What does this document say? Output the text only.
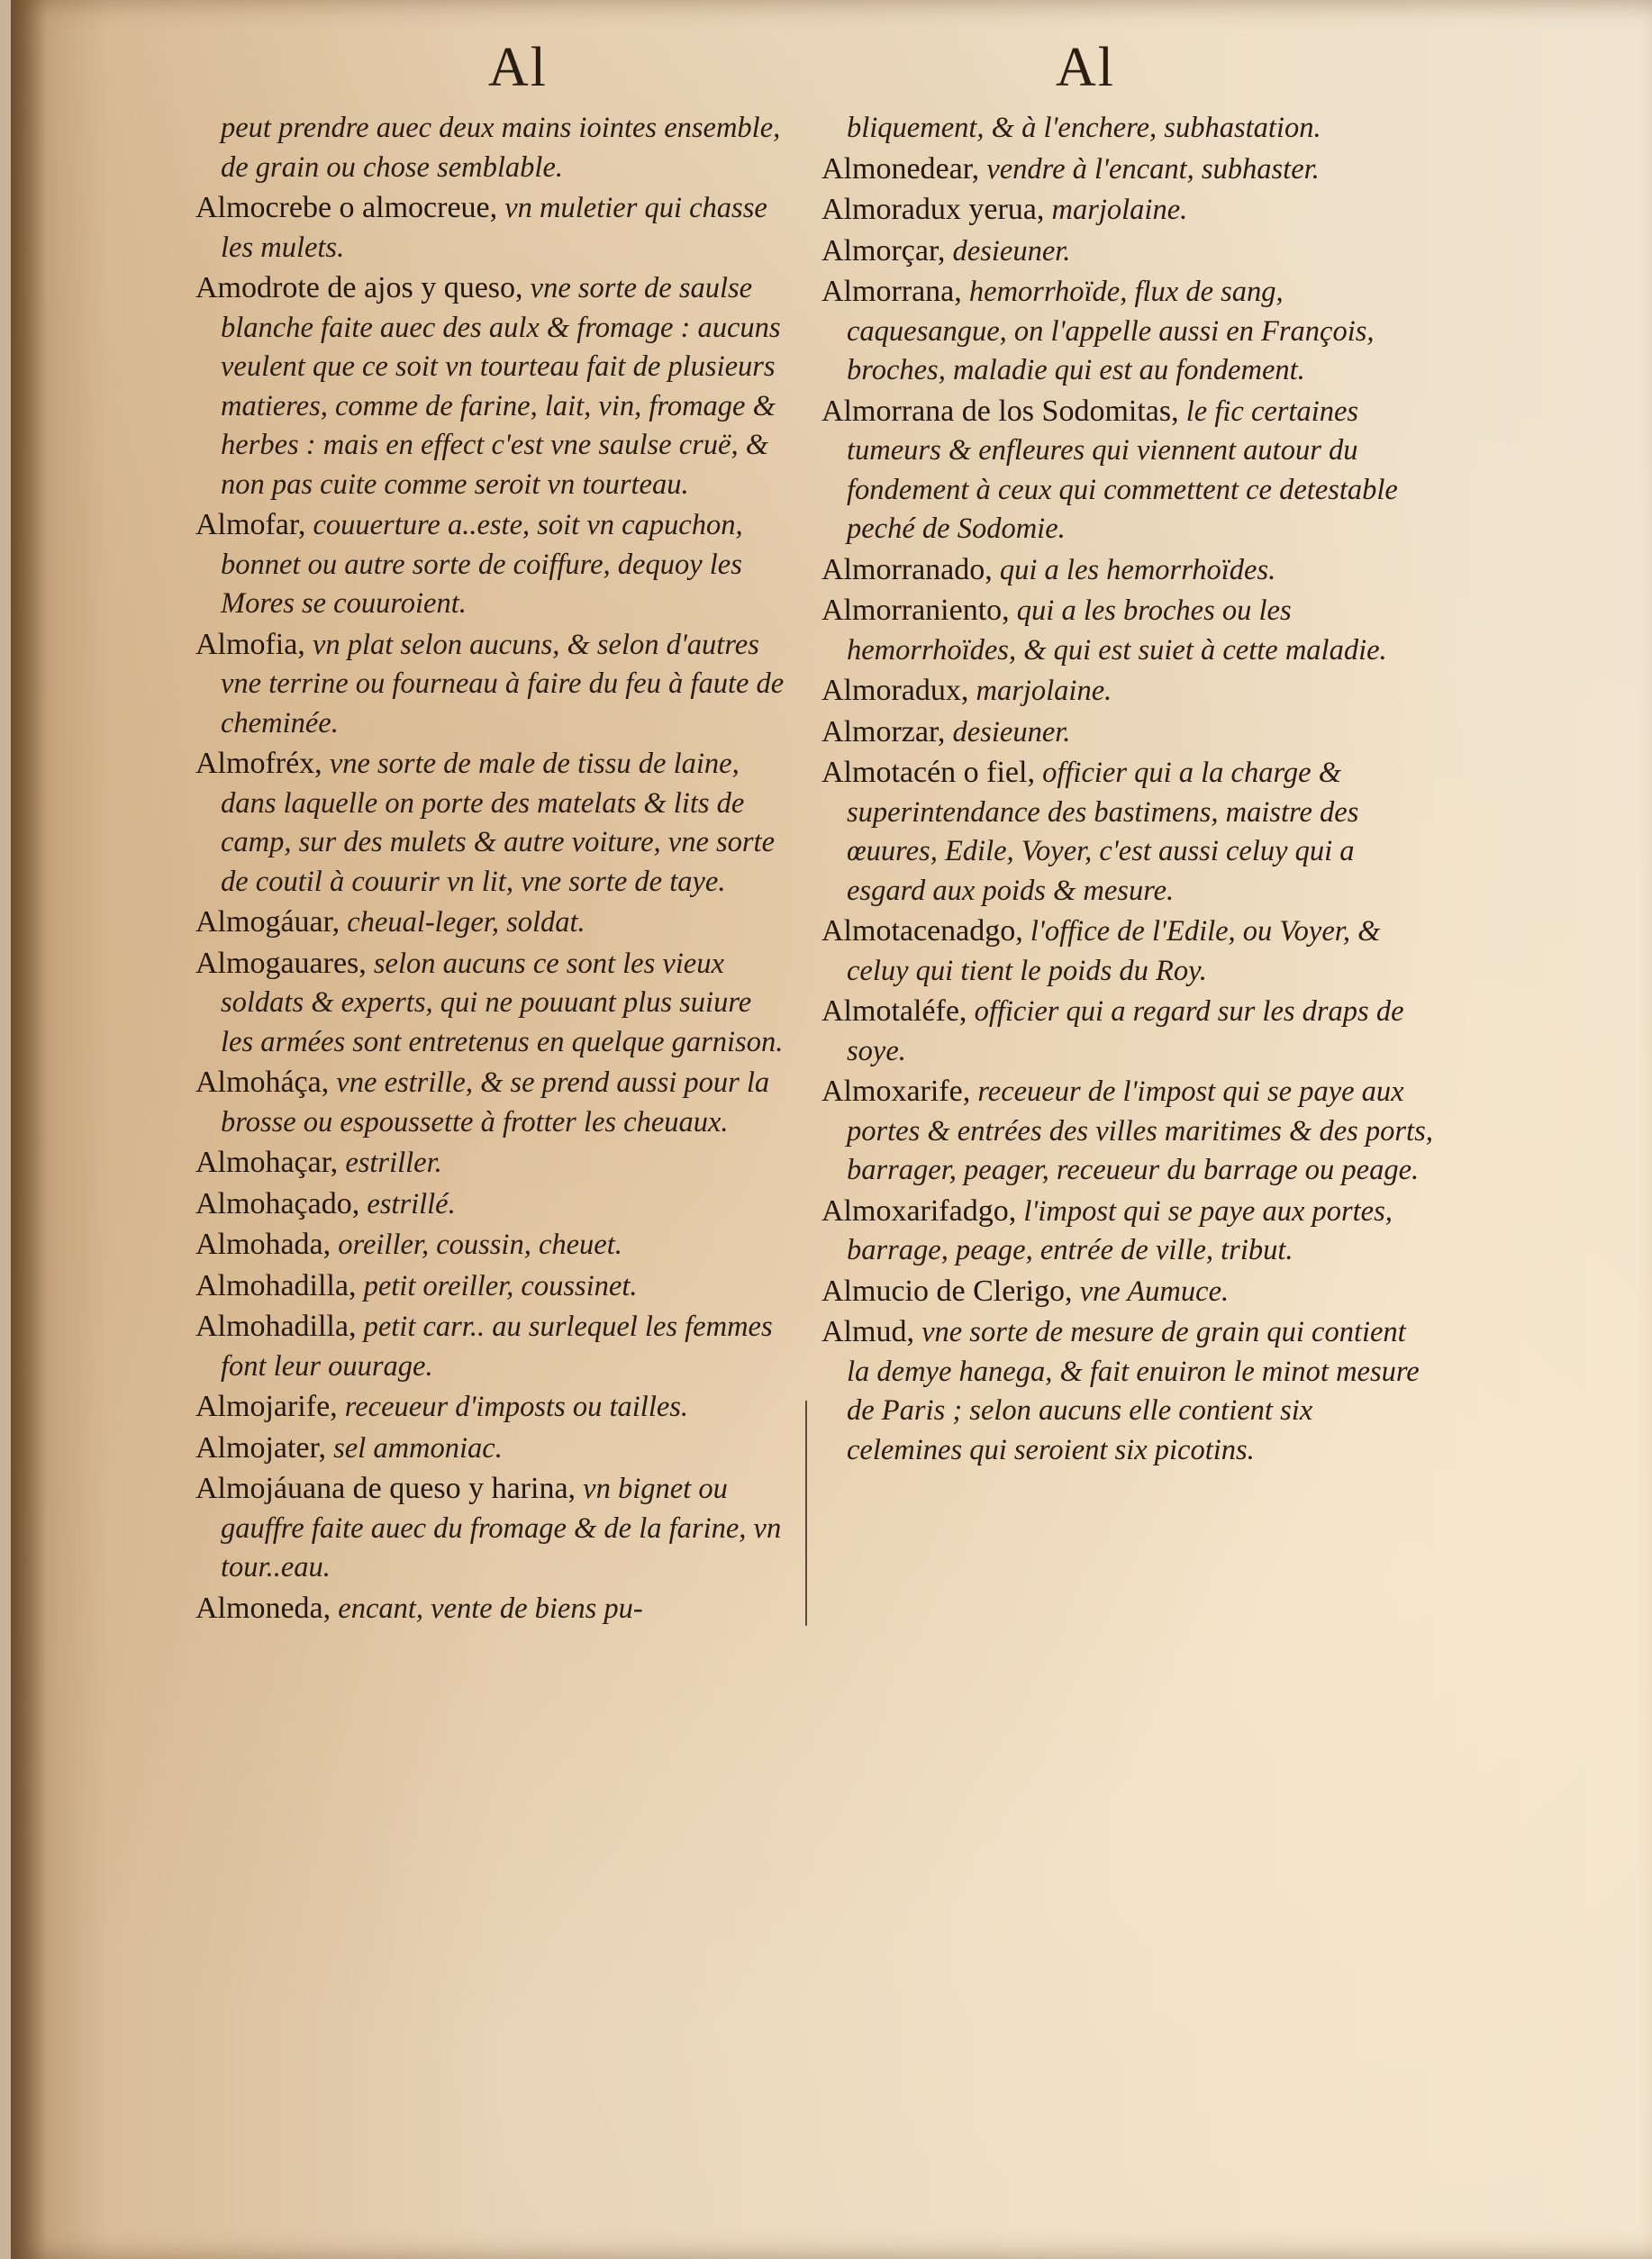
Al	Al

peut prendre auec deux mains iointes ensemble, de grain ou chose semblable.

Almocrebe o almocreue, vn muletier qui chasse les mulets.

Amodrote de ajos y queso, vne sorte de saulse blanche faite auec des aulx & fromage : aucuns veulent que ce soit vn tourteau fait de plusieurs matieres, comme de farine, lait, vin, fromage & herbes : mais en effect c'est vne saulse cruë, & non pas cuite comme seroit vn tourteau.

Almofar, couuerture a..este, soit vn capuchon, bonnet ou autre sorte de coiffure, dequoy les Mores se couuroient.

Almofia, vn plat selon aucuns, & selon d'autres vne terrine ou fourneau à faire du feu à faute de cheminée.

Almofréx, vne sorte de male de tissu de laine, dans laquelle on porte des matelats & lits de camp, sur des mulets & autre voiture, vne sorte de coutil à couurir vn lit, vne sorte de taye.

Almogáuar, cheual-leger, soldat.

Almogauares, selon aucuns ce sont les vieux soldats & experts, qui ne pouuant plus suiure les armées sont entretenus en quelque garnison.

Almoháça, vne estrille, & se prend aussi pour la brosse ou espoussette à frotter les cheuaux.

Almohaçar, estriller.

Almohaçado, estrillé.

Almohada, oreiller, coussin, cheuet.

Almohadilla, petit oreiller, coussinet.

Almohadilla, petit carr.. au surlequel les femmes font leur ouurage.

Almojarife, receueur d'imposts ou tailles.

Almojater, sel ammoniac.

Almojáuana de queso y harina, vn bignet ou gauffre faite auec du fromage & de la farine, vn tour..eau.

Almoneda, encant, vente de biens pu-

bliquement, & à l'enchere, subhastation.

Almonedear, vendre à l'encant, subhaster.

Almoradux yerua, marjolaine.

Almorçar, desieuner.

Almorrana, hemorrhoïde, flux de sang, caquesangue, on l'appelle aussi en François, broches, maladie qui est au fondement.

Almorrana de los Sodomitas, le fic certaines tumeurs & enfleures qui viennent autour du fondement à ceux qui commettent ce detestable peché de Sodomie.

Almorranado, qui a les hemorrhoïdes.

Almorraniento, qui a les broches ou les hemorrhoïdes, & qui est suiet à cette maladie.

Almoradux, marjolaine.

Almorzar, desieuner.

Almotacén o fiel, officier qui a la charge & superintendance des bastimens, maistre des œuures, Edile, Voyer, c'est aussi celuy qui a esgard aux poids & mesure.

Almotacenadgo, l'office de l'Edile, ou Voyer, & celuy qui tient le poids du Roy.

Almotaléfe, officier qui a regard sur les draps de soye.

Almoxarife, receueur de l'impost qui se paye aux portes & entrées des villes maritimes & des ports, barrager, peager, receueur du barrage ou peage.

Almoxarifadgo, l'impost qui se paye aux portes, barrage, peage, entrée de ville, tribut.

Almucio de Clerigo, vne Aumuce.

Almud, vne sorte de mesure de grain qui contient la demye hanega, & fait enuiron le minot mesure de Paris ; selon aucuns elle contient six celemines qui seroient six picotins.
